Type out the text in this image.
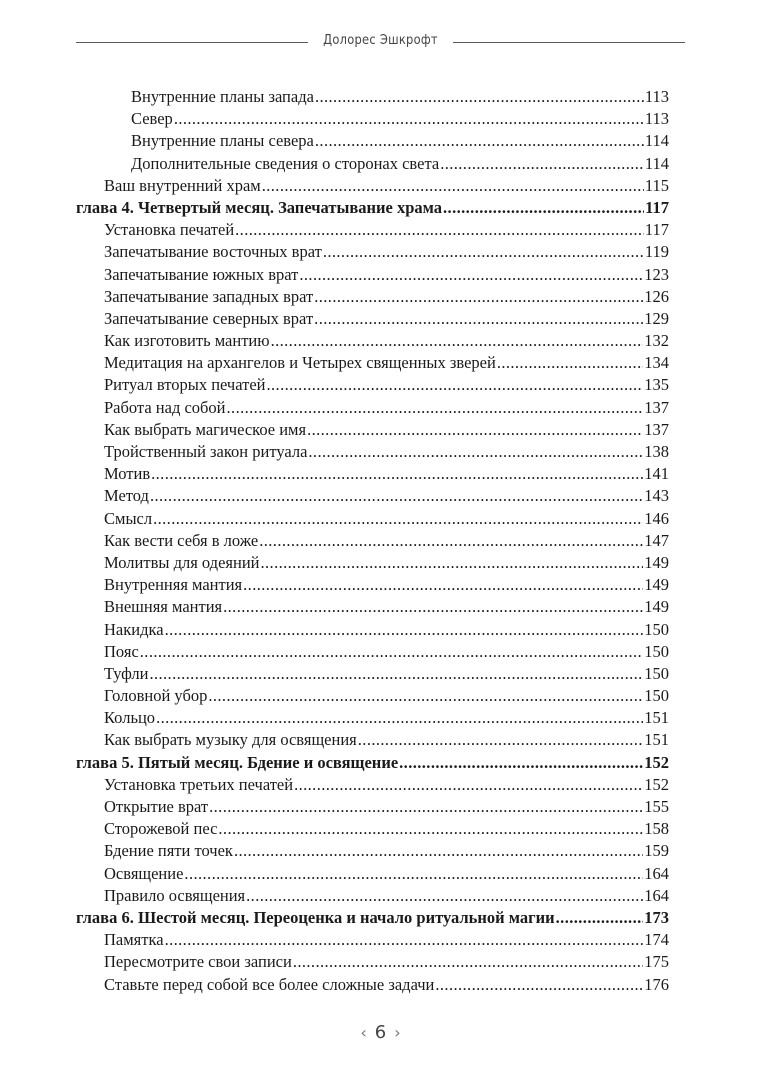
Долорес Эшкрофт
Внутренние планы запада .....	113
Север .....	113
Внутренние планы севера .....	114
Дополнительные сведения о сторонах света .....	114
Ваш внутренний храм .....	115
глава 4. Четвертый месяц. Запечатывание храма .....	117
Установка печатей .....	117
Запечатывание восточных врат .....	119
Запечатывание южных врат .....	123
Запечатывание западных врат .....	126
Запечатывание северных врат .....	129
Как изготовить мантию .....	132
Медитация на архангелов и Четырех священных зверей .....	134
Ритуал вторых печатей .....	135
Работа над собой .....	137
Как выбрать магическое имя .....	137
Тройственный закон ритуала .....	138
Мотив .....	141
Метод .....	143
Смысл .....	146
Как вести себя в ложе .....	147
Молитвы для одеяний .....	149
Внутренняя мантия .....	149
Внешняя мантия .....	149
Накидка .....	150
Пояс .....	150
Туфли .....	150
Головной убор .....	150
Кольцо .....	151
Как выбрать музыку для освящения .....	151
глава 5. Пятый месяц. Бдение и освящение .....	152
Установка третьих печатей .....	152
Открытие врат .....	155
Сторожевой пес .....	158
Бдение пяти точек .....	159
Освящение .....	164
Правило освящения .....	164
глава 6. Шестой месяц. Переоценка и начало ритуальной магии .....	173
Памятка .....	174
Пересмотрите свои записи .....	175
Ставьте перед собой все более сложные задачи .....	176
‹ 6 ›
